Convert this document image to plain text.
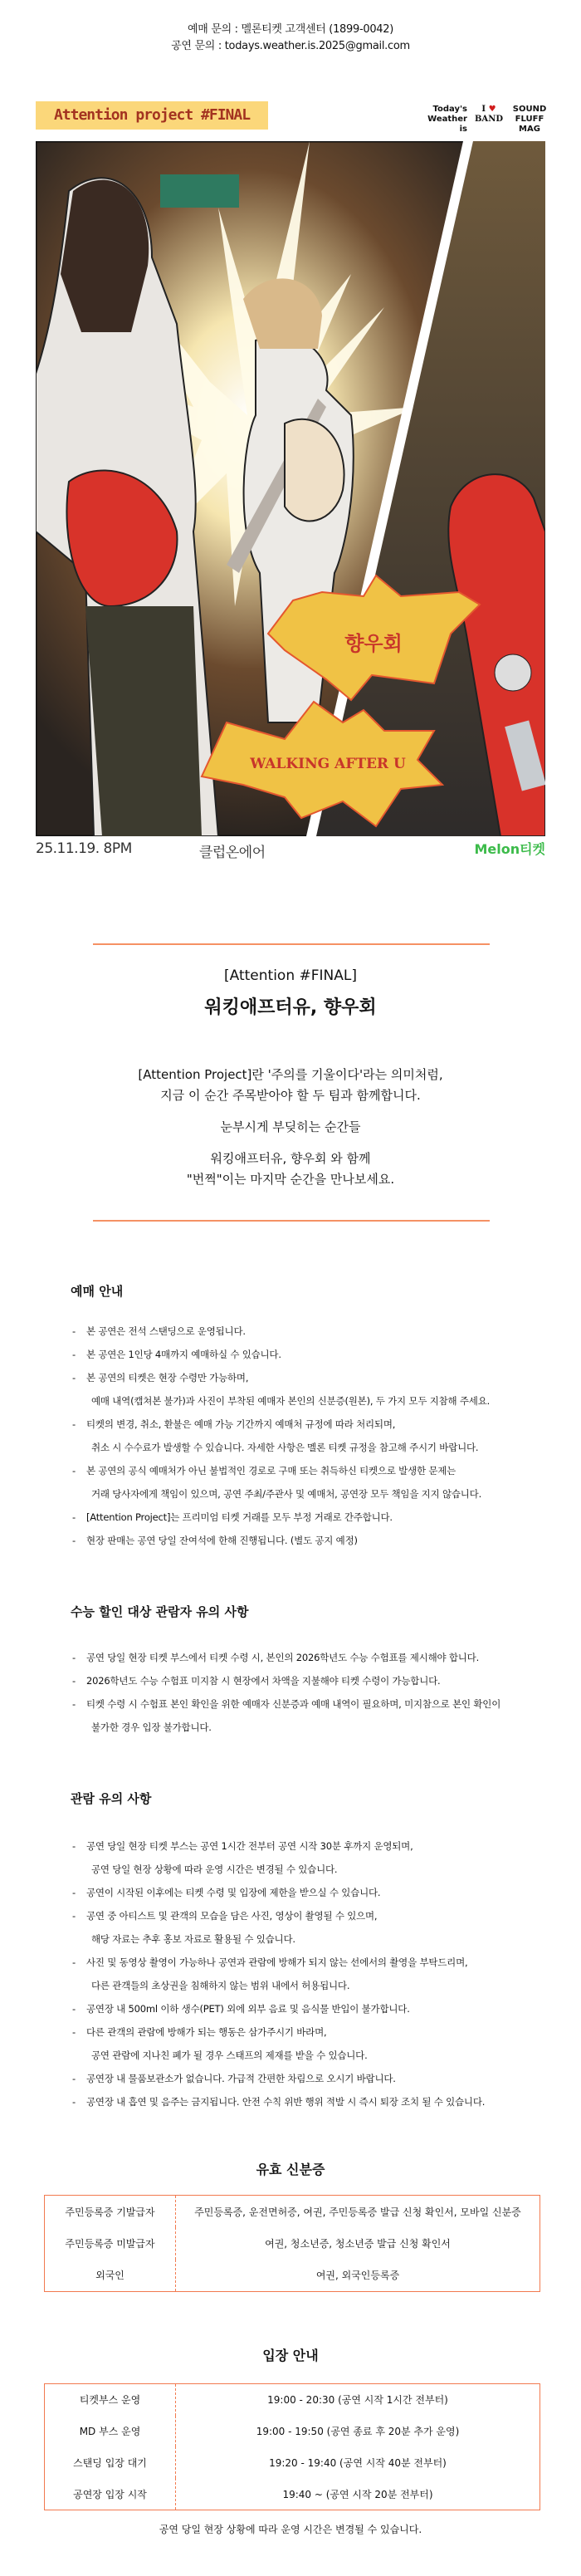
예매 문의 : 멜론티켓 고객센터 (1899-0042)
공연 문의 : todays.weather.is.2025@gmail.com
Attention project #FINAL	Today's
Weather
is
I ♥
BAND
SOUND
FLUFF
MAG
향우회
WALKING AFTER U
25.11.19. 8PM	클럽온에어	Melon티켓
[Attention #FINAL]
워킹애프터유, 향우회
[Attention Project]란 '주의를 기울이다'라는 의미처럼,
지금 이 순간 주목받아야 할 두 팀과 함께합니다.
눈부시게 부딪히는 순간들
워킹애프터유, 향우회 와 함께
"번쩍"이는 마지막 순간을 만나보세요.
예매 안내
- 본 공연은 전석 스탠딩으로 운영됩니다.
- 본 공연은 1인당 4매까지 예매하실 수 있습니다.
- 본 공연의 티켓은 현장 수령만 가능하며,
예매 내역(캡쳐본 불가)과 사진이 부착된 예매자 본인의 신분증(원본), 두 가지 모두 지참해 주세요.
- 티켓의 변경, 취소, 환불은 예매 가능 기간까지 예매처 규정에 따라 처리되며,
취소 시 수수료가 발생할 수 있습니다. 자세한 사항은 멜론 티켓 규정을 참고해 주시기 바랍니다.
- 본 공연의 공식 예매처가 아닌 불법적인 경로로 구매 또는 취득하신 티켓으로 발생한 문제는
거래 당사자에게 책임이 있으며, 공연 주최/주관사 및 예매처, 공연장 모두 책임을 지지 않습니다.
- [Attention Project]는 프리미엄 티켓 거래를 모두 부정 거래로 간주합니다.
- 현장 판매는 공연 당일 잔여석에 한해 진행됩니다. (별도 공지 예정)
수능 할인 대상 관람자 유의 사항
- 공연 당일 현장 티켓 부스에서 티켓 수령 시, 본인의 2026학년도 수능 수험표를 제시해야 합니다.
- 2026학년도 수능 수험표 미지참 시 현장에서 차액을 지불해야 티켓 수령이 가능합니다.
- 티켓 수령 시 수험표 본인 확인을 위한 예매자 신분증과 예매 내역이 필요하며, 미지참으로 본인 확인이
불가한 경우 입장 불가합니다.
관람 유의 사항
- 공연 당일 현장 티켓 부스는 공연 1시간 전부터 공연 시작 30분 후까지 운영되며,
공연 당일 현장 상황에 따라 운영 시간은 변경될 수 있습니다.
- 공연이 시작된 이후에는 티켓 수령 및 입장에 제한을 받으실 수 있습니다.
- 공연 중 아티스트 및 관객의 모습을 담은 사진, 영상이 촬영될 수 있으며,
해당 자료는 추후 홍보 자료로 활용될 수 있습니다.
- 사진 및 동영상 촬영이 가능하나 공연과 관람에 방해가 되지 않는 선에서의 촬영을 부탁드리며,
다른 관객들의 초상권을 침해하지 않는 범위 내에서 허용됩니다.
- 공연장 내 500ml 이하 생수(PET) 외에 외부 음료 및 음식물 반입이 불가합니다.
- 다른 관객의 관람에 방해가 되는 행동은 삼가주시기 바라며,
공연 관람에 지나친 폐가 될 경우 스태프의 제재를 받을 수 있습니다.
- 공연장 내 물품보관소가 없습니다. 가급적 간편한 차림으로 오시기 바랍니다.
- 공연장 내 흡연 및 음주는 금지됩니다. 안전 수칙 위반 행위 적발 시 즉시 퇴장 조치 될 수 있습니다.
유효 신분증
주민등록증 기발급자	주민등록증, 운전면허증, 여권, 주민등록증 발급 신청 확인서, 모바일 신분증
주민등록증 미발급자	여권, 청소년증, 청소년증 발급 신청 확인서
외국인	여권, 외국인등록증
입장 안내
티켓부스 운영	19:00 - 20:30 (공연 시작 1시간 전부터)
MD 부스 운영	19:00 - 19:50 (공연 종료 후 20분 추가 운영)
스탠딩 입장 대기	19:20 - 19:40 (공연 시작 40분 전부터)
공연장 입장 시작	19:40 ~ (공연 시작 20분 전부터)
공연 당일 현장 상황에 따라 운영 시간은 변경될 수 있습니다.
